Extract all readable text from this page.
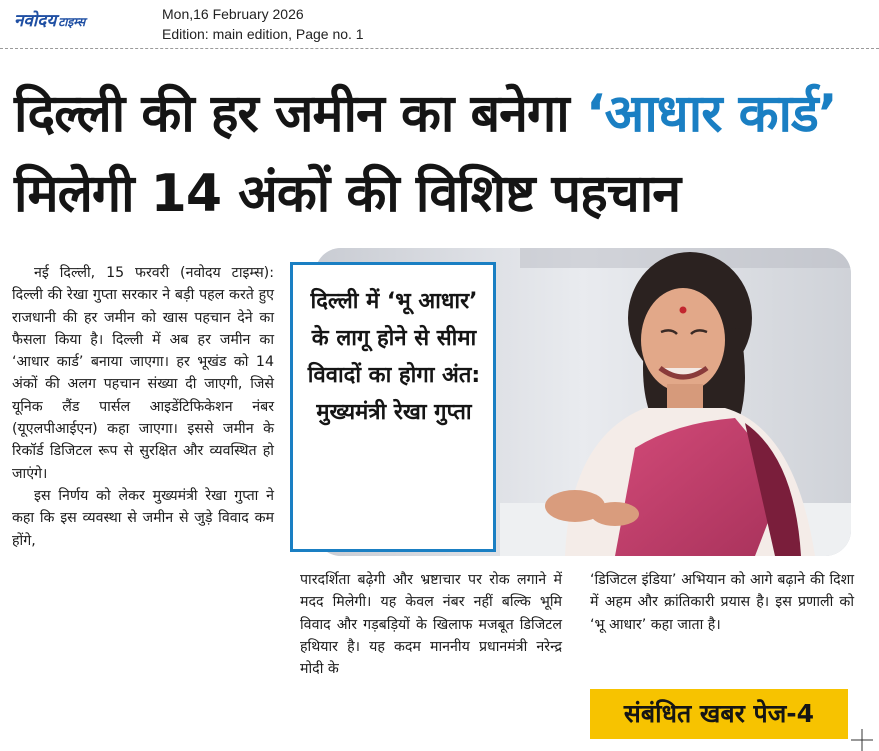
नवोदय टाइम्स	Mon,16 February 2026
Edition: main edition, Page no. 1
दिल्ली की हर जमीन का बनेगा ‘आधार कार्ड’
मिलेगी 14 अंकों की विशिष्ट पहचान

नई दिल्ली, 15 फरवरी (नवोदय टाइम्स): दिल्ली की रेखा गुप्ता सरकार ने बड़ी पहल करते हुए राजधानी की हर जमीन को खास पहचान देने का फैसला किया है। दिल्ली में अब हर जमीन का ‘आधार कार्ड’ बनाया जाएगा। हर भूखंड को 14 अंकों की अलग पहचान संख्या दी जाएगी, जिसे यूनिक लैंड पार्सल आइडेंटिफिकेशन नंबर (यूएलपीआईएन) कहा जाएगा। इससे जमीन के रिकॉर्ड डिजिटल रूप से सुरक्षित और व्यवस्थित हो जाएंगे।

इस निर्णय को लेकर मुख्यमंत्री रेखा गुप्ता ने कहा कि इस व्यवस्था से जमीन से जुड़े विवाद कम होंगे,

दिल्ली में ‘भू आधार’ के लागू होने से सीमा विवादों का होगा अंत: मुख्यमंत्री रेखा गुप्ता

पारदर्शिता बढ़ेगी और भ्रष्टाचार पर रोक लगाने में मदद मिलेगी। यह केवल नंबर नहीं बल्कि भूमि विवाद और गड़बड़ियों के खिलाफ मजबूत डिजिटल हथियार है। यह कदम माननीय प्रधानमंत्री नरेन्द्र मोदी के

‘डिजिटल इंडिया’ अभियान को आगे बढ़ाने की दिशा में अहम और क्रांतिकारी प्रयास है। इस प्रणाली को ‘भू आधार’ कहा जाता है।

संबंधित खबर पेज-4
